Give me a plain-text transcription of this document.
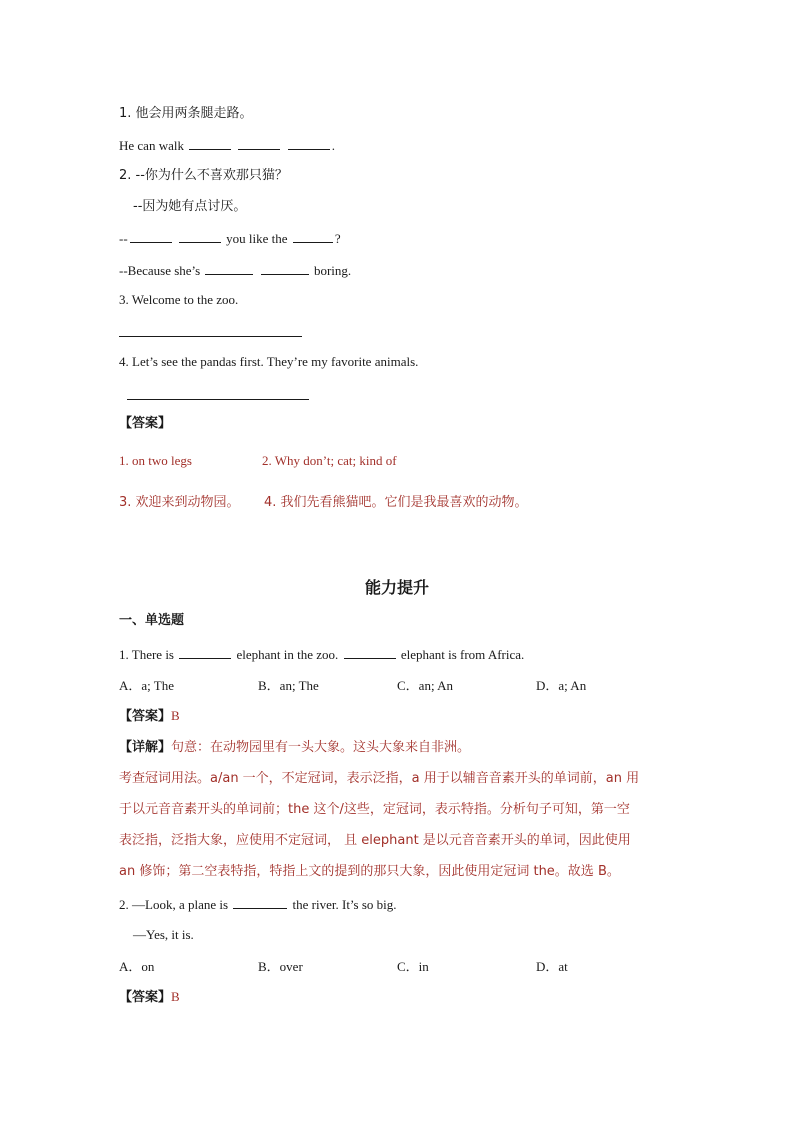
1. 他会用两条腿走路。
He can walk	.
2. --你为什么不喜欢那只猫？
--因为她有点讨厌。
--	you like the	?
--Because she’s	boring.
3. Welcome to the zoo.
4. Let’s see the pandas first. They’re my favorite animals.
【答案】
1. on two legs	2. Why don’t; cat; kind of
3. 欢迎来到动物园。 4. 我们先看熊猫吧。它们是我最喜欢的动物。
能力提升
一、单选题
1. There is	elephant in the zoo.	elephant is from Africa.
A．a; The	B．an; The	C．an; An	D．a; An
【答案】B
【详解】句意：在动物园里有一头大象。这头大象来自非洲。
考查冠词用法。a/an 一个，不定冠词，表示泛指，a 用于以辅音音素开头的单词前，an 用
于以元音音素开头的单词前；the 这个/这些，定冠词，表示特指。分析句子可知，第一空
表泛指，泛指大象，应使用不定冠词， 且 elephant 是以元音音素开头的单词，因此使用
an 修饰；第二空表特指，特指上文的提到的那只大象，因此使用定冠词 the。故选 B。
2. —Look, a plane is	the river. It’s so big.
—Yes, it is.
A．on	B．over	C．in	D．at
【答案】B
